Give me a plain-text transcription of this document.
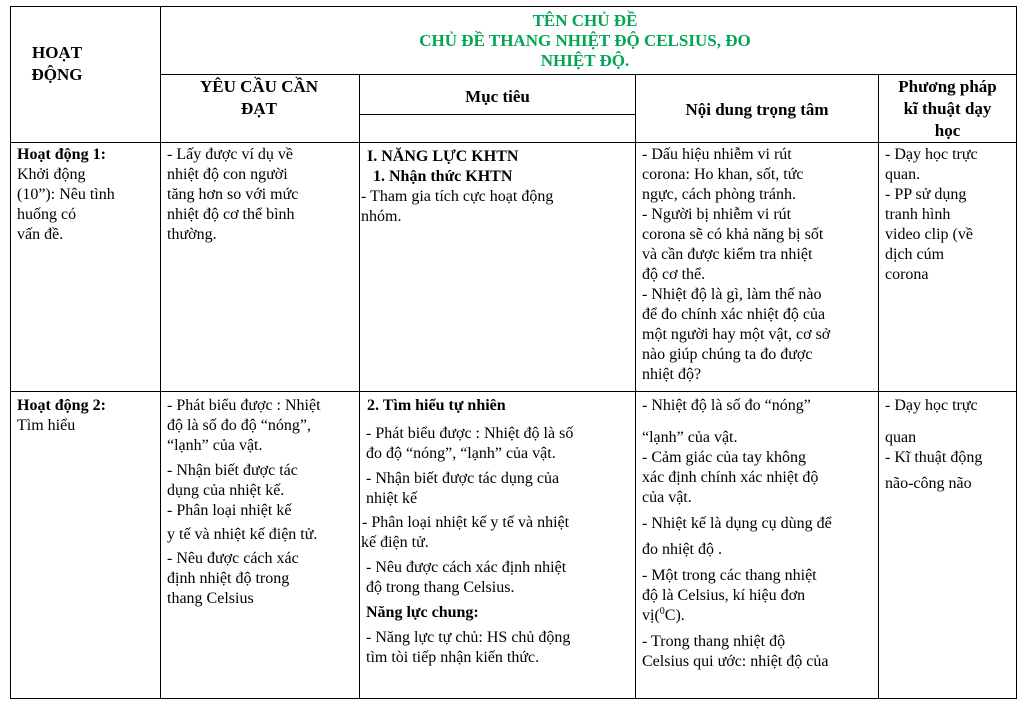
HOẠT
ĐỘNG
TÊN CHỦ ĐỀ
CHỦ ĐỀ THANG NHIỆT ĐỘ CELSIUS, ĐO
NHIỆT ĐỘ.
YÊU CẦU CẦN
ĐẠT
Mục tiêu
Nội dung trọng tâm
Phương pháp
kĩ thuật dạy
học
Hoạt động 1:
Khởi động
(10”): Nêu tình
huống có
vấn đề.
- Lấy được ví dụ về
nhiệt độ con người
tăng hơn so với mức
nhiệt độ cơ thể bình
thường.
I. NĂNG LỰC KHTN
1. Nhận thức KHTN
- Tham gia tích cực hoạt động
nhóm.
- Dấu hiệu nhiễm vi rút
corona: Ho khan, sốt, tức
ngực, cách phòng tránh.
- Người bị nhiễm vi rút
corona sẽ có khả năng bị sốt
và cần được kiểm tra nhiệt
độ cơ thể.
- Nhiệt độ là gì, làm thế nào
để đo chính xác nhiệt độ của
một người hay một vật, cơ sở
nào giúp chúng ta đo được
nhiệt độ?
- Dạy học trực
quan.
- PP sử dụng
tranh hình
video clip (về
dịch cúm
corona
Hoạt động 2:
Tìm hiểu
- Phát biểu được : Nhiệt
độ là số đo độ “nóng”,
“lạnh” của vật.
- Nhận biết được tác
dụng của nhiệt kế.
- Phân loại nhiệt kế
y tế và nhiệt kế điện tử.
- Nêu được cách xác
định nhiệt độ trong
thang Celsius
2. Tìm hiểu tự nhiên
- Phát biểu được : Nhiệt độ là số
đo độ “nóng”, “lạnh” của vật.
- Nhận biết được tác dụng của
nhiệt kế
- Phân loại nhiệt kế y tế và nhiệt
kế điện tử.
- Nêu được cách xác định nhiệt
độ trong thang Celsius.
Năng lực chung:
- Năng lực tự chủ: HS chủ động
tìm tòi tiếp nhận kiến thức.
- Nhiệt độ là số đo “nóng”
“lạnh” của vật.
- Cảm giác của tay không
xác định chính xác nhiệt độ
của vật.
- Nhiệt kế là dụng cụ dùng để
đo nhiệt độ .
- Một trong các thang nhiệt
độ là Celsius, kí hiệu đơn
vị($^0$C).
- Trong thang nhiệt độ
Celsius qui ước: nhiệt độ của
- Dạy học trực
quan
- Kĩ thuật động
não-công não
